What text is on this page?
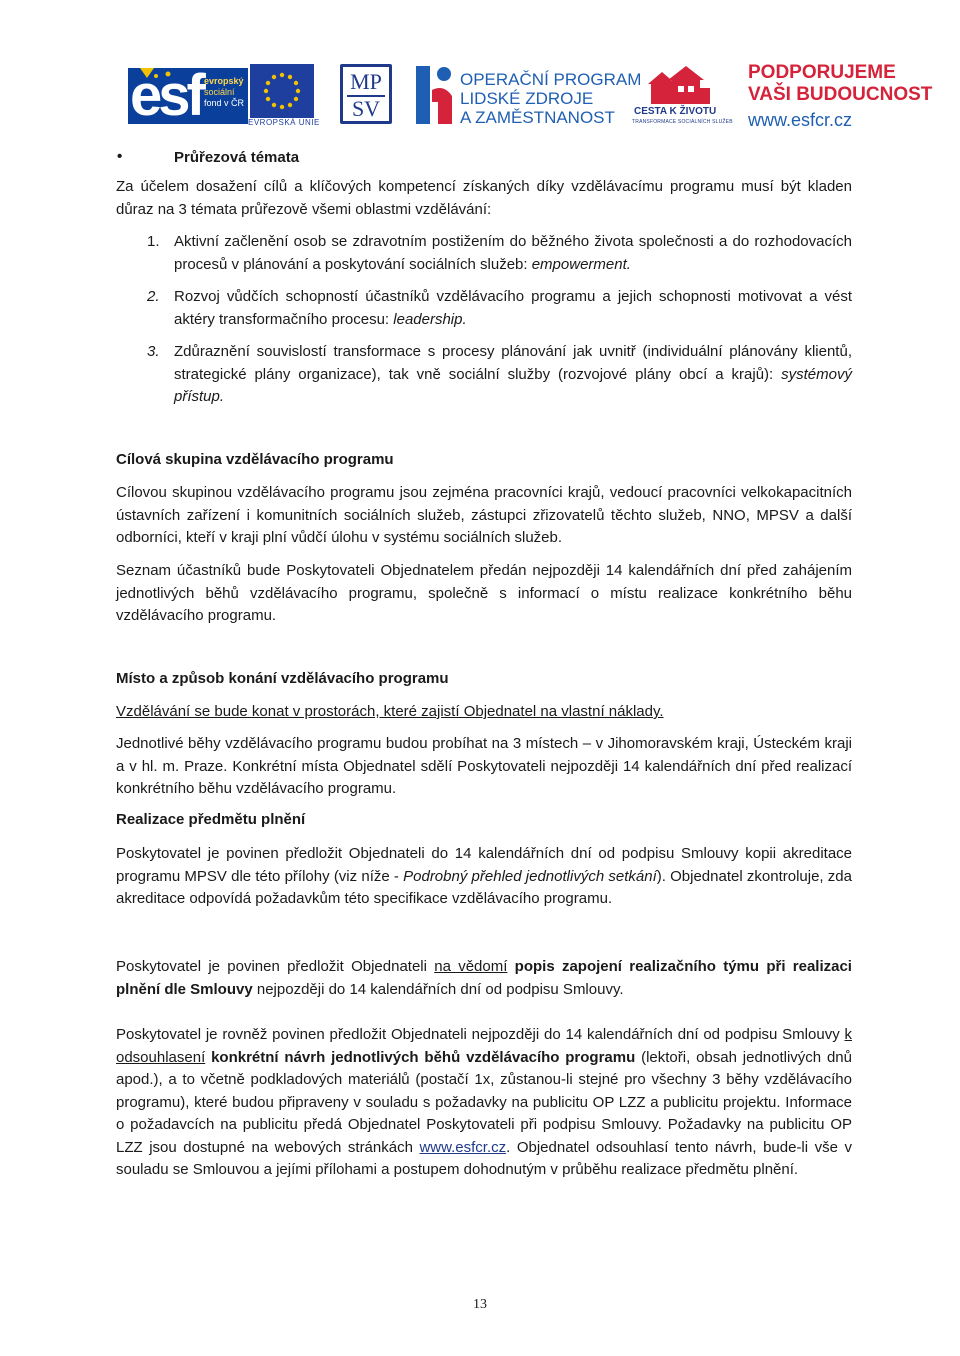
esf evropský
sociální
fond v ČR
EVROPSKÁ UNIE
MP
SV
OPERAČNÍ PROGRAM
LIDSKÉ ZDROJE
A ZAMĚSTNANOST	CESTA K ŽIVOTU
TRANSFORMACE SOCIÁLNÍCH SLUŽEB
PODPORUJEME
VAŠI BUDOUCNOST
www.esfcr.cz
•	Průřezová témata
Za účelem dosažení cílů a klíčových kompetencí získaných díky vzdělávacímu programu musí být kladen důraz na 3 témata průřezově všemi oblastmi vzdělávání:
1. Aktivní začlenění osob se zdravotním postižením do běžného života společnosti a do rozhodovacích procesů v plánování a poskytování sociálních služeb: empowerment.
2. Rozvoj vůdčích schopností účastníků vzdělávacího programu a jejich schopnosti motivovat a vést aktéry transformačního procesu: leadership.
3. Zdůraznění souvislostí transformace s procesy plánování jak uvnitř (individuální plánovány klientů, strategické plány organizace), tak vně sociální služby (rozvojové plány obcí a krajů): systémový přístup.
Cílová skupina vzdělávacího programu
Cílovou skupinou vzdělávacího programu jsou zejména pracovníci krajů, vedoucí pracovníci velkokapacitních ústavních zařízení i komunitních sociálních služeb, zástupci zřizovatelů těchto služeb, NNO, MPSV a další odborníci, kteří v kraji plní vůdčí úlohu v systému sociálních služeb.
Seznam účastníků bude Poskytovateli Objednatelem předán nejpozději 14 kalendářních dní před zahájením jednotlivých běhů vzdělávacího programu, společně s informací o místu realizace konkrétního běhu vzdělávacího programu.
Místo a způsob konání vzdělávacího programu
Vzdělávání se bude konat v prostorách, které zajistí Objednatel na vlastní náklady.
Jednotlivé běhy vzdělávacího programu budou probíhat na 3 místech – v Jihomoravském kraji, Ústeckém kraji a v hl. m. Praze. Konkrétní místa Objednatel sdělí Poskytovateli nejpozději 14 kalendářních dní před realizací konkrétního běhu vzdělávacího programu.
Realizace předmětu plnění
Poskytovatel je povinen předložit Objednateli do 14 kalendářních dní od podpisu Smlouvy kopii akreditace programu MPSV dle této přílohy (viz níže - Podrobný přehled jednotlivých setkání). Objednatel zkontroluje, zda akreditace odpovídá požadavkům této specifikace vzdělávacího programu.
Poskytovatel je povinen předložit Objednateli na vědomí popis zapojení realizačního týmu při realizaci plnění dle Smlouvy nejpozději do 14 kalendářních dní od podpisu Smlouvy.
Poskytovatel je rovněž povinen předložit Objednateli nejpozději do 14 kalendářních dní od podpisu Smlouvy k odsouhlasení konkrétní návrh jednotlivých běhů vzdělávacího programu (lektoři, obsah jednotlivých dnů apod.), a to včetně podkladových materiálů (postačí 1x, zůstanou-li stejné pro všechny 3 běhy vzdělávacího programu), které budou připraveny v souladu s požadavky na publicitu OP LZZ a publicitu projektu. Informace o požadavcích na publicitu předá Objednatel Poskytovateli při podpisu Smlouvy. Požadavky na publicitu OP LZZ jsou dostupné na webových stránkách www.esfcr.cz. Objednatel odsouhlasí tento návrh, bude-li vše v souladu se Smlouvou a jejími přílohami a postupem dohodnutým v průběhu realizace předmětu plnění.
13
